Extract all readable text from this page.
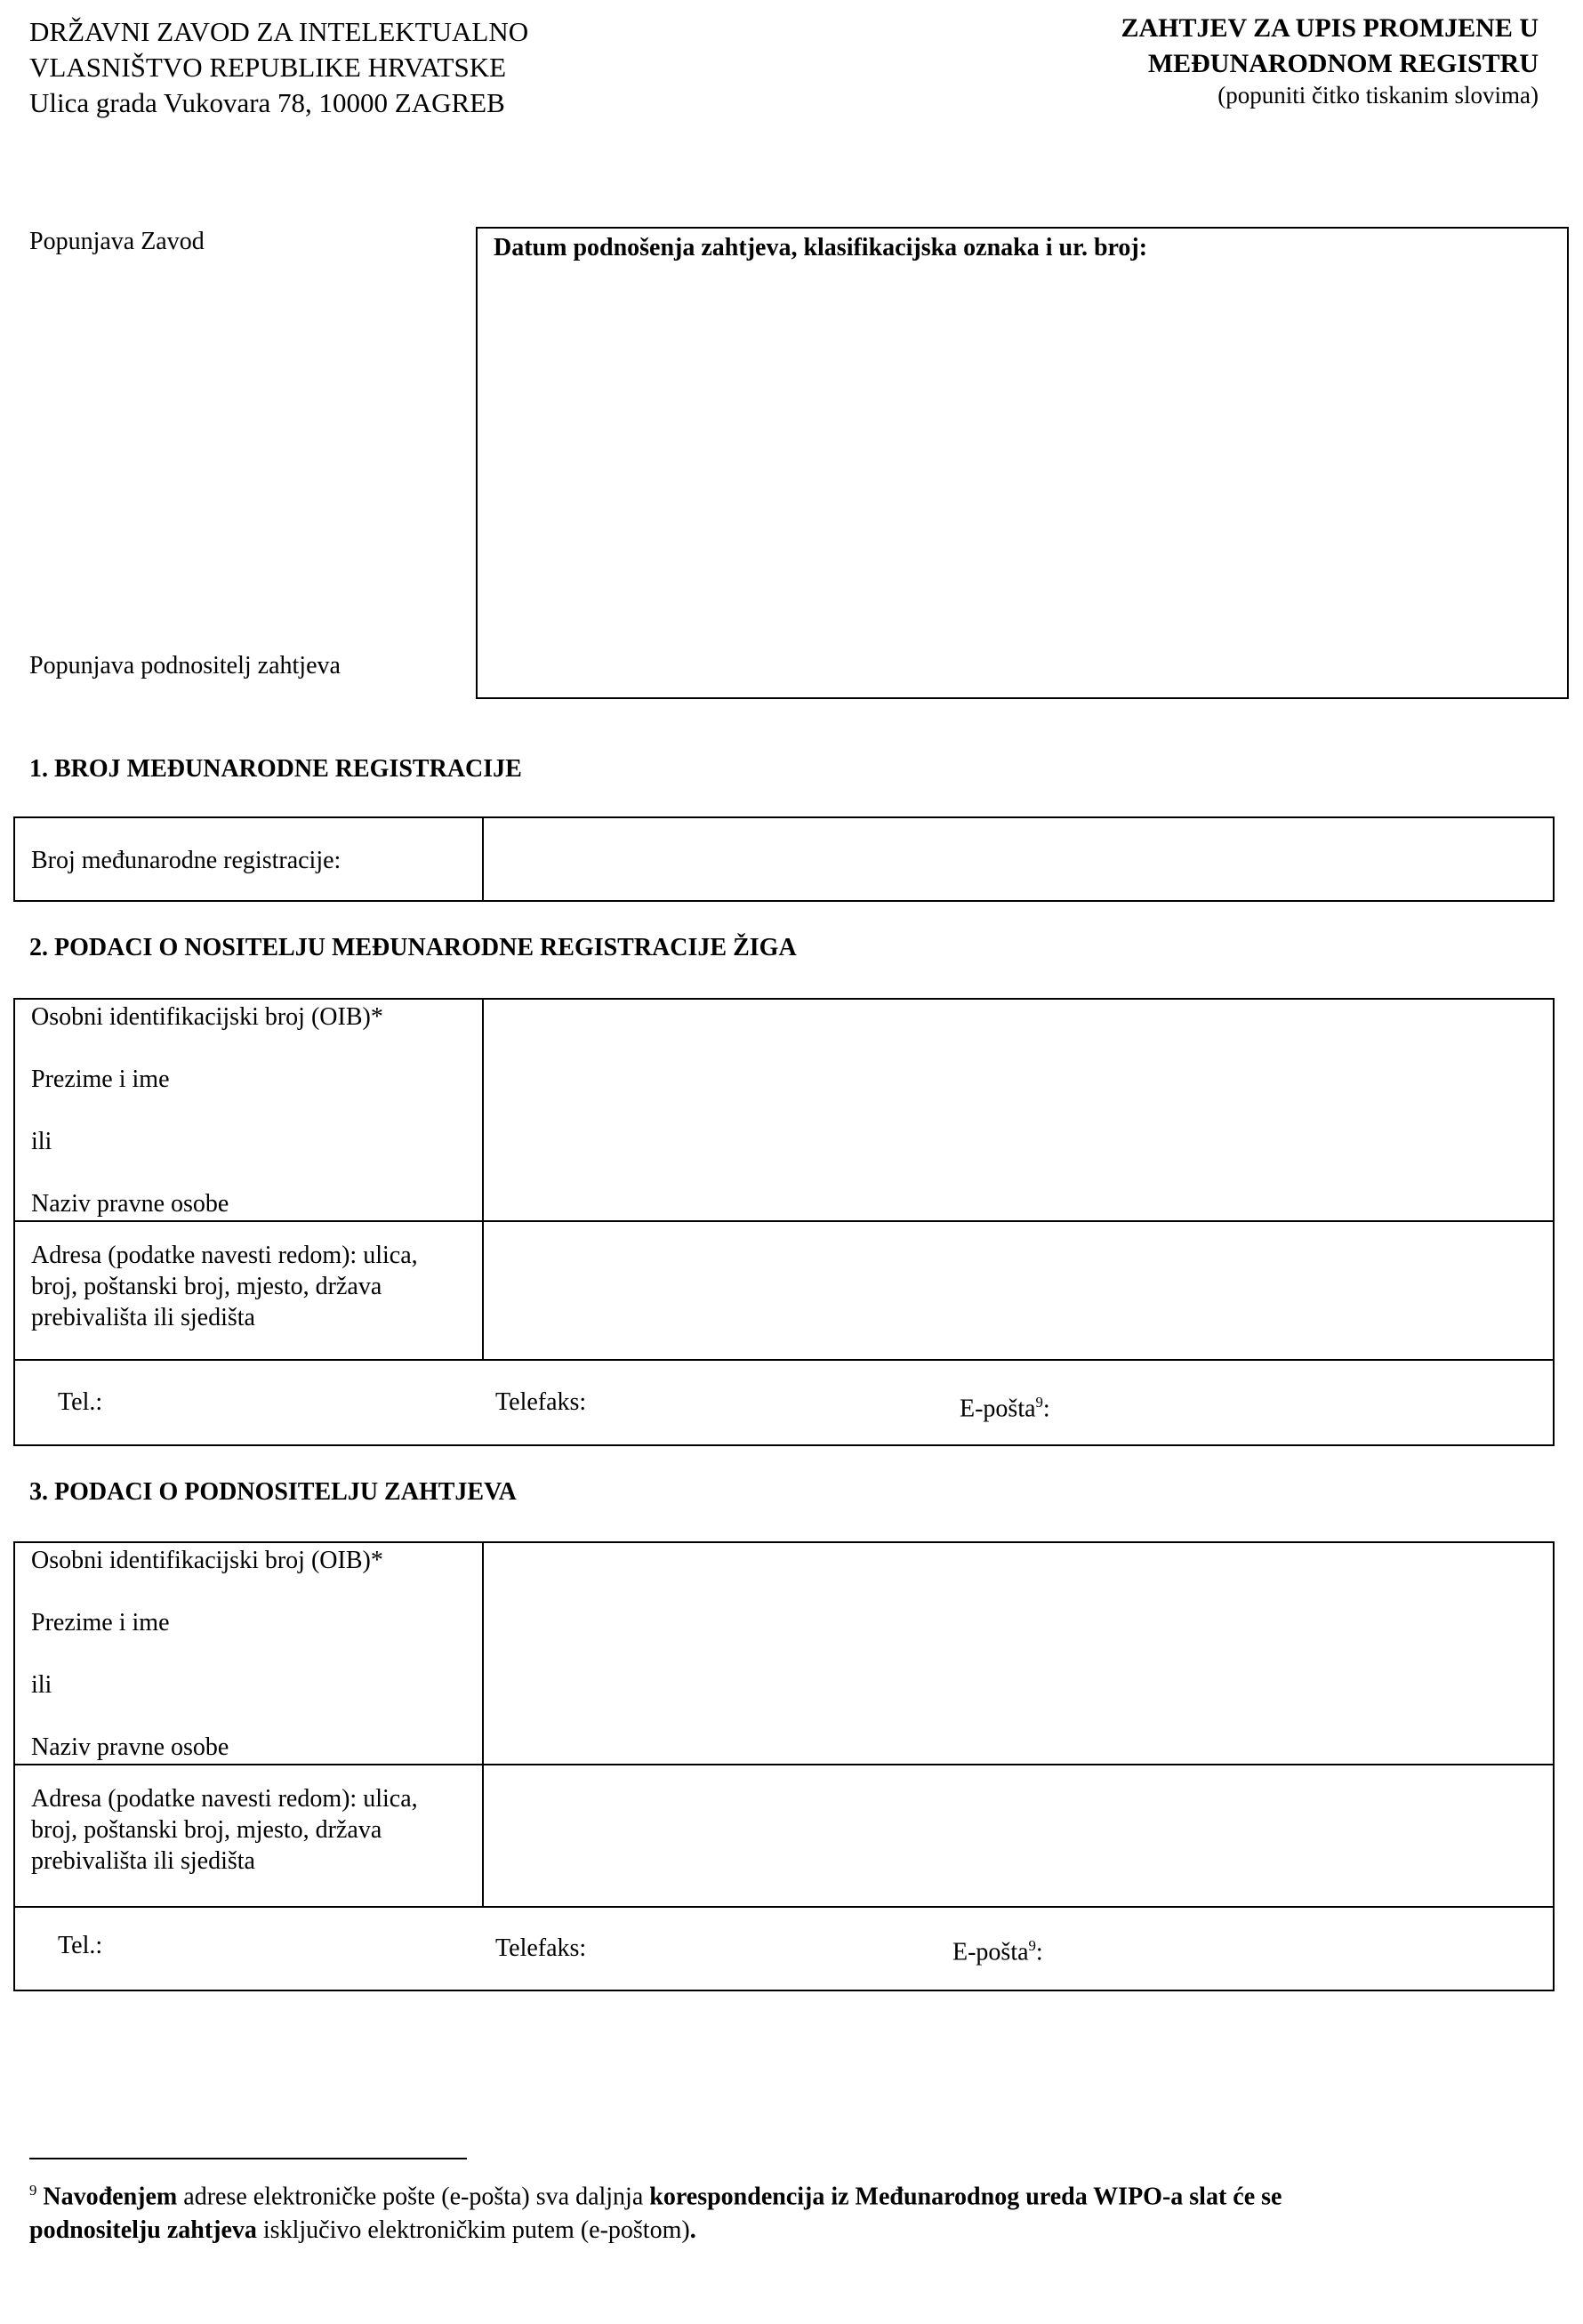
DRŽAVNI ZAVOD ZA INTELEKTUALNO
VLASNIŠTVO REPUBLIKE HRVATSKE
Ulica grada Vukovara 78, 10000 ZAGREB
ZAHTJEV ZA UPIS PROMJENE U
MEĐUNARODNOM REGISTRU
(popuniti čitko tiskanim slovima)
Popunjava Zavod
Popunjava podnositelj zahtjeva
Datum podnošenja zahtjeva, klasifikacijska oznaka i ur. broj:
1. BROJ MEĐUNARODNE REGISTRACIJE
Broj međunarodne registracije:
2. PODACI O NOSITELJU MEĐUNARODNE REGISTRACIJE ŽIGA
Osobni identifikacijski broj (OIB)*
Prezime i ime
ili
Naziv pravne osobe
Adresa (podatke navesti redom): ulica,
broj, poštanski broj, mjesto, država
prebivališta ili sjedišta
Tel.:	Telefaks:	E-pošta$^9$:
3. PODACI O PODNOSITELJU ZAHTJEVA
Osobni identifikacijski broj (OIB)*
Prezime i ime
ili
Naziv pravne osobe
Adresa (podatke navesti redom): ulica,
broj, poštanski broj, mjesto, država
prebivališta ili sjedišta
Tel.:	Telefaks:	E-pošta$^9$:
$^9$ Navođenjem adrese elektroničke pošte (e-pošta) sva daljnja korespondencija iz Međunarodnog ureda WIPO-a slat će se
podnositelju zahtjeva isključivo elektroničkim putem (e-poštom).
